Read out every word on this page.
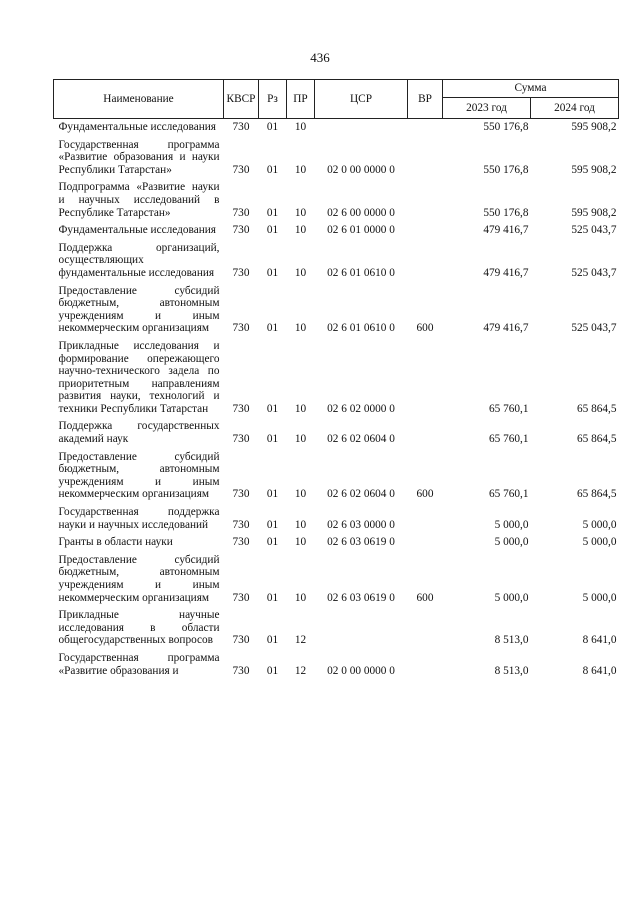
436
Наименование	КВСР	Рз	ПР	ЦСР	ВР	Сумма	
						2023 год	2024 год
Фундаментальные исследования	730	01	10			550 176,8	595 908,2
Государственная программа «Развитие образования и науки Республики Татарстан»	730	01	10	02 0 00 0000 0		550 176,8	595 908,2
Подпрограмма «Развитие науки и научных исследований в Республике Татарстан»	730	01	10	02 6 00 0000 0		550 176,8	595 908,2
Фундаментальные исследования	730	01	10	02 6 01 0000 0		479 416,7	525 043,7
Поддержка организаций, осуществляющих фундаментальные исследования	730	01	10	02 6 01 0610 0		479 416,7	525 043,7
Предоставление субсидий бюджетным, автономным учреждениям и иным некоммерческим организациям	730	01	10	02 6 01 0610 0	600	479 416,7	525 043,7
Прикладные исследования и формирование опережающего научно-технического задела по приоритетным направлениям развития науки, технологий и техники Республики Татарстан	730	01	10	02 6 02 0000 0		65 760,1	65 864,5
Поддержка государственных академий наук	730	01	10	02 6 02 0604 0		65 760,1	65 864,5
Предоставление субсидий бюджетным, автономным учреждениям и иным некоммерческим организациям	730	01	10	02 6 02 0604 0	600	65 760,1	65 864,5
Государственная поддержка науки и научных исследований	730	01	10	02 6 03 0000 0		5 000,0	5 000,0
Гранты в области науки	730	01	10	02 6 03 0619 0		5 000,0	5 000,0
Предоставление субсидий бюджетным, автономным учреждениям и иным некоммерческим организациям	730	01	10	02 6 03 0619 0	600	5 000,0	5 000,0
Прикладные научные исследования в области общегосударственных вопросов	730	01	12			8 513,0	8 641,0
Государственная программа «Развитие образования и	730	01	12	02 0 00 0000 0		8 513,0	8 641,0
